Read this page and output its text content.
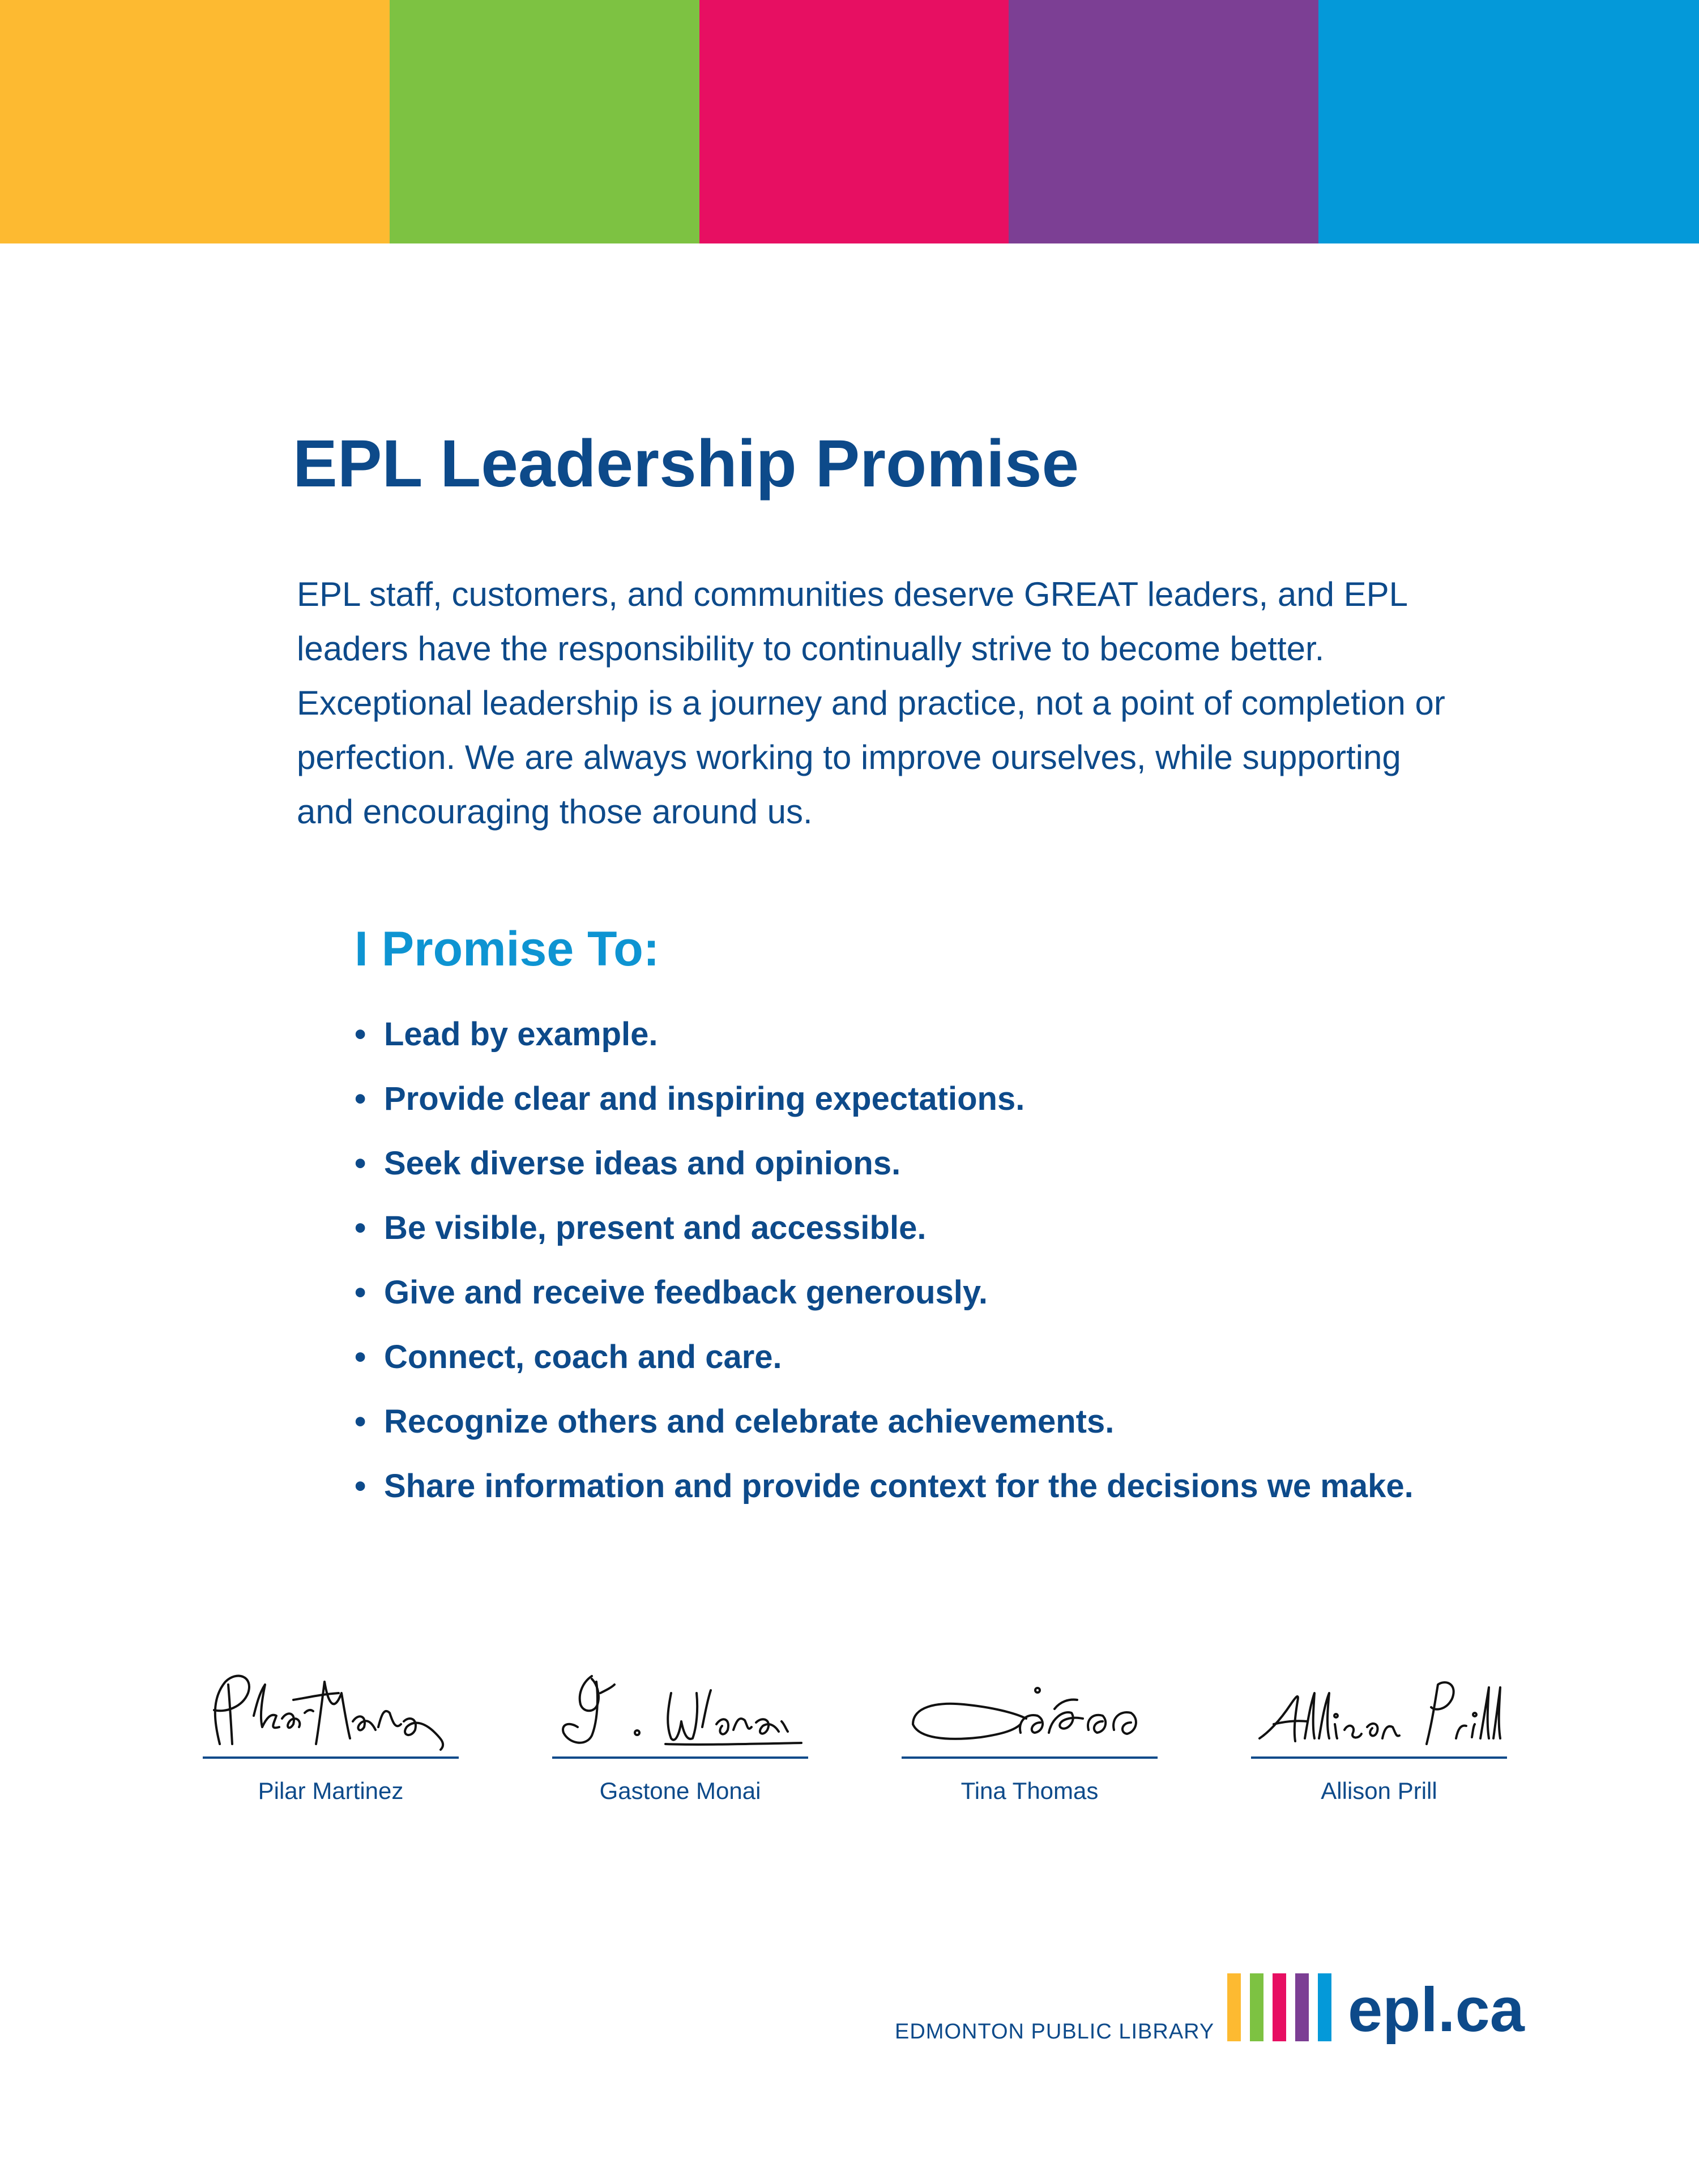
EPL Leadership Promise

EPL staff, customers, and communities deserve GREAT leaders, and EPL leaders have the responsibility to continually strive to become better. Exceptional leadership is a journey and practice, not a point of completion or perfection. We are always working to improve ourselves, while supporting and encouraging those around us.

I Promise To:
• Lead by example.
• Provide clear and inspiring expectations.
• Seek diverse ideas and opinions.
• Be visible, present and accessible.
• Give and receive feedback generously.
• Connect, coach and care.
• Recognize others and celebrate achievements.
• Share information and provide context for the decisions we make.
Pilar Martinez	Gastone Monai	Tina Thomas	Allison Prill
EDMONTON PUBLIC LIBRARY epl.ca
